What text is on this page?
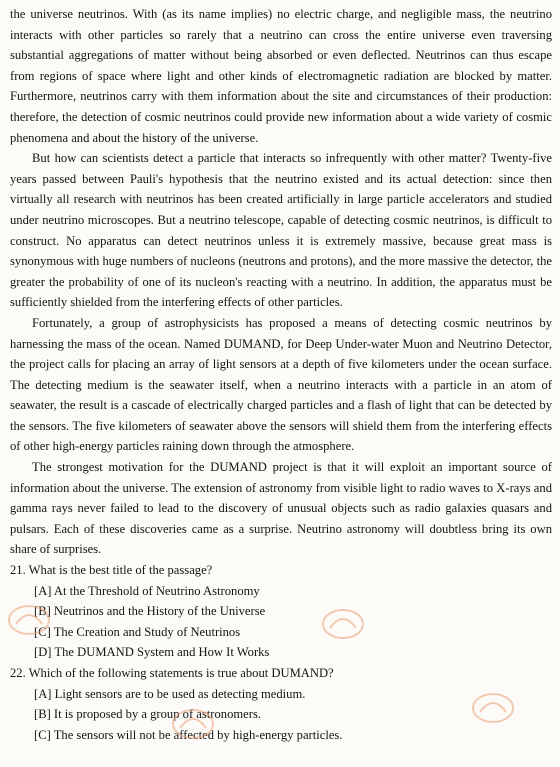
the universe neutrinos. With (as its name implies) no electric charge, and negligible mass, the neutrino interacts with other particles so rarely that a neutrino can cross the entire universe even traversing substantial aggregations of matter without being absorbed or even deflected. Neutrinos can thus escape from regions of space where light and other kinds of electromagnetic radiation are blocked by matter. Furthermore, neutrinos carry with them information about the site and circumstances of their production: therefore, the detection of cosmic neutrinos could provide new information about a wide variety of cosmic phenomena and about the history of the universe.

But how can scientists detect a particle that interacts so infrequently with other matter? Twenty-five years passed between Pauli's hypothesis that the neutrino existed and its actual detection: since then virtually all research with neutrinos has been created artificially in large particle accelerators and studied under neutrino microscopes. But a neutrino telescope, capable of detecting cosmic neutrinos, is difficult to construct. No apparatus can detect neutrinos unless it is extremely massive, because great mass is synonymous with huge numbers of nucleons (neutrons and protons), and the more massive the detector, the greater the probability of one of its nucleon's reacting with a neutrino. In addition, the apparatus must be sufficiently shielded from the interfering effects of other particles.

Fortunately, a group of astrophysicists has proposed a means of detecting cosmic neutrinos by harnessing the mass of the ocean. Named DUMAND, for Deep Under-water Muon and Neutrino Detector, the project calls for placing an array of light sensors at a depth of five kilometers under the ocean surface. The detecting medium is the seawater itself, when a neutrino interacts with a particle in an atom of seawater, the result is a cascade of electrically charged particles and a flash of light that can be detected by the sensors. The five kilometers of seawater above the sensors will shield them from the interfering effects of other high-energy particles raining down through the atmosphere.

The strongest motivation for the DUMAND project is that it will exploit an important source of information about the universe. The extension of astronomy from visible light to radio waves to X-rays and gamma rays never failed to lead to the discovery of unusual objects such as radio galaxies quasars and pulsars. Each of these discoveries came as a surprise. Neutrino astronomy will doubtless bring its own share of surprises.

21. What is the best title of the passage?

[A] At the Threshold of Neutrino Astronomy

[B] Neutrinos and the History of the Universe

[C] The Creation and Study of Neutrinos

[D] The DUMAND System and How It Works

22. Which of the following statements is true about DUMAND?

[A] Light sensors are to be used as detecting medium.

[B] It is proposed by a group of astronomers.

[C] The sensors will not be affected by high-energy particles.
